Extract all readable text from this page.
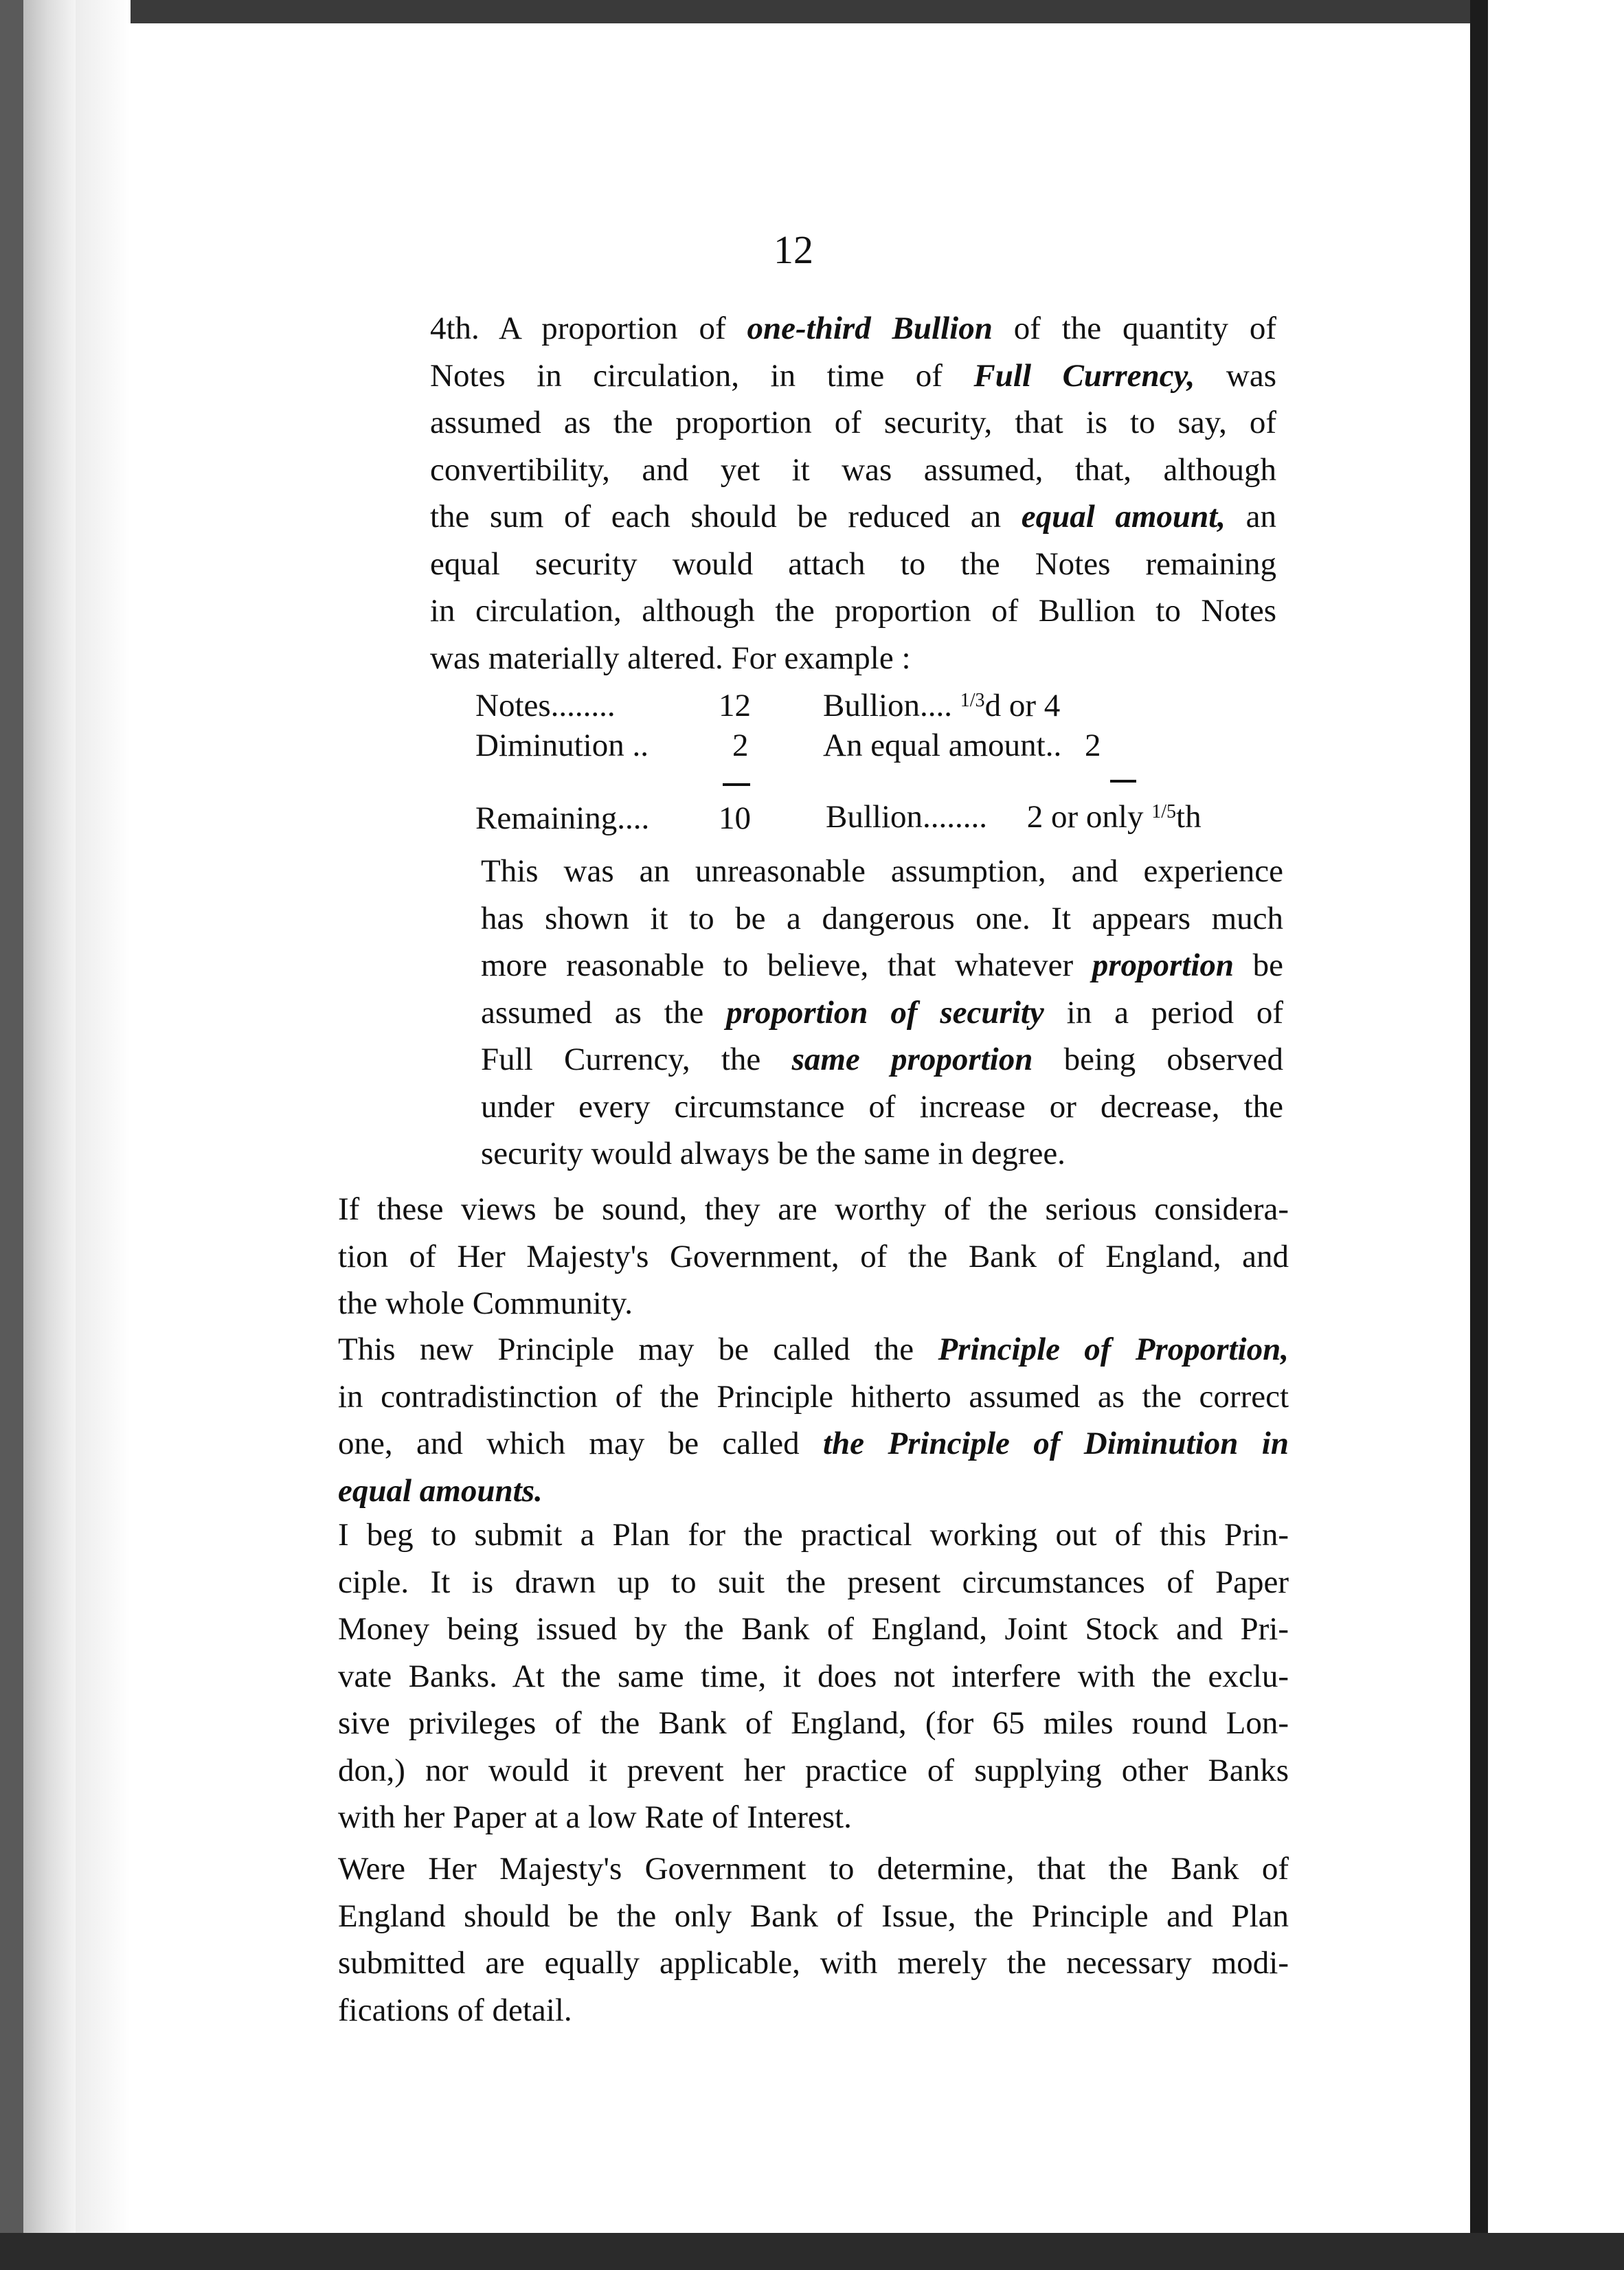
12
4th. A proportion of one-third Bullion of the quantity of
Notes in circulation, in time of Full Currency, was
assumed as the proportion of security, that is to say, of
convertibility, and yet it was assumed, that, although
the sum of each should be reduced an equal amount, an
equal security would attach to the Notes remaining
in circulation, although the proportion of Bullion to Notes
was materially altered. For example :
Notes........	12 Bullion.... 1/3d or 4
Diminution ..	2 An equal amount.. 2
Remaining.... 10 Bullion........ 2 or only 1/5th
This was an unreasonable assumption, and experience
has shown it to be a dangerous one. It appears much
more reasonable to believe, that whatever proportion be
assumed as the proportion of security in a period of
Full Currency, the same proportion being observed
under every circumstance of increase or decrease, the
security would always be the same in degree.
If these views be sound, they are worthy of the serious considera-
tion of Her Majesty's Government, of the Bank of England, and
the whole Community.
This new Principle may be called the Principle of Proportion,
in contradistinction of the Principle hitherto assumed as the correct
one, and which may be called the Principle of Diminution in
equal amounts.
I beg to submit a Plan for the practical working out of this Prin-
ciple. It is drawn up to suit the present circumstances of Paper
Money being issued by the Bank of England, Joint Stock and Pri-
vate Banks. At the same time, it does not interfere with the exclu-
sive privileges of the Bank of England, (for 65 miles round Lon-
don,) nor would it prevent her practice of supplying other Banks
with her Paper at a low Rate of Interest.
Were Her Majesty's Government to determine, that the Bank of
England should be the only Bank of Issue, the Principle and Plan
submitted are equally applicable, with merely the necessary modi-
fications of detail.
